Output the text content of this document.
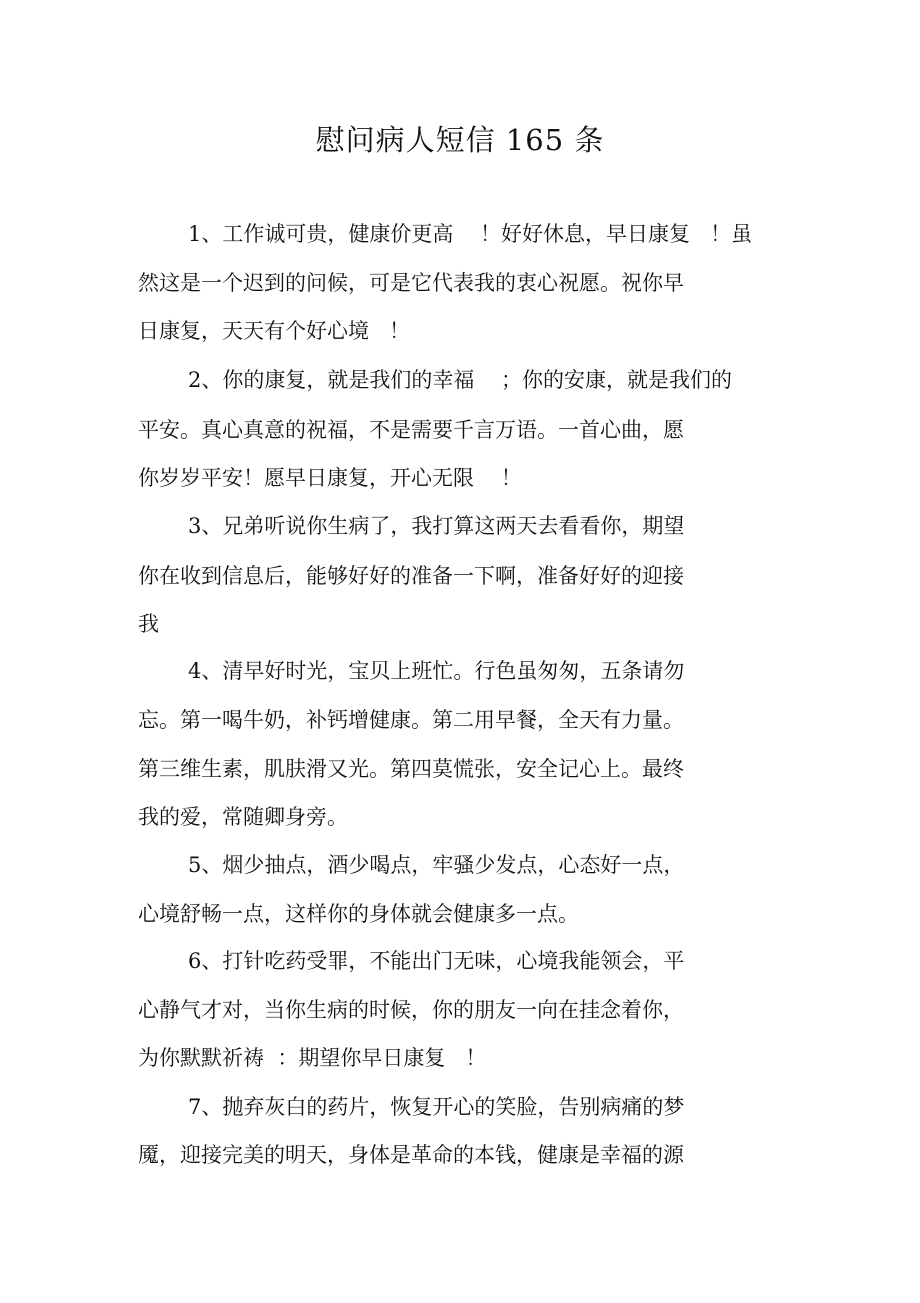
慰问病人短信 165 条
1、工作诚可贵，健康价更高    ！好好休息，早日康复   ！虽
然这是一个迟到的问候，可是它代表我的衷心祝愿。祝你早
日康复，天天有个好心境   ！
2、你的康复，就是我们的幸福    ；你的安康，就是我们的
平安。真心真意的祝福，不是需要千言万语。一首心曲，愿
你岁岁平安！愿早日康复，开心无限    ！
3、兄弟听说你生病了，我打算这两天去看看你，期望
你在收到信息后，能够好好的准备一下啊，准备好好的迎接
我
4、清早好时光，宝贝上班忙。行色虽匆匆，五条请勿
忘。第一喝牛奶，补钙增健康。第二用早餐，全天有力量。
第三维生素，肌肤滑又光。第四莫慌张，安全记心上。最终
我的爱，常随卿身旁。
5、烟少抽点，酒少喝点，牢骚少发点，心态好一点，
心境舒畅一点，这样你的身体就会健康多一点。
6、打针吃药受罪，不能出门无味，心境我能领会，平
心静气才对，当你生病的时候，你的朋友一向在挂念着你，
为你默默祈祷  ：期望你早日康复   ！
7、抛弃灰白的药片，恢复开心的笑脸，告别病痛的梦
魇，迎接完美的明天，身体是革命的本钱，健康是幸福的源
